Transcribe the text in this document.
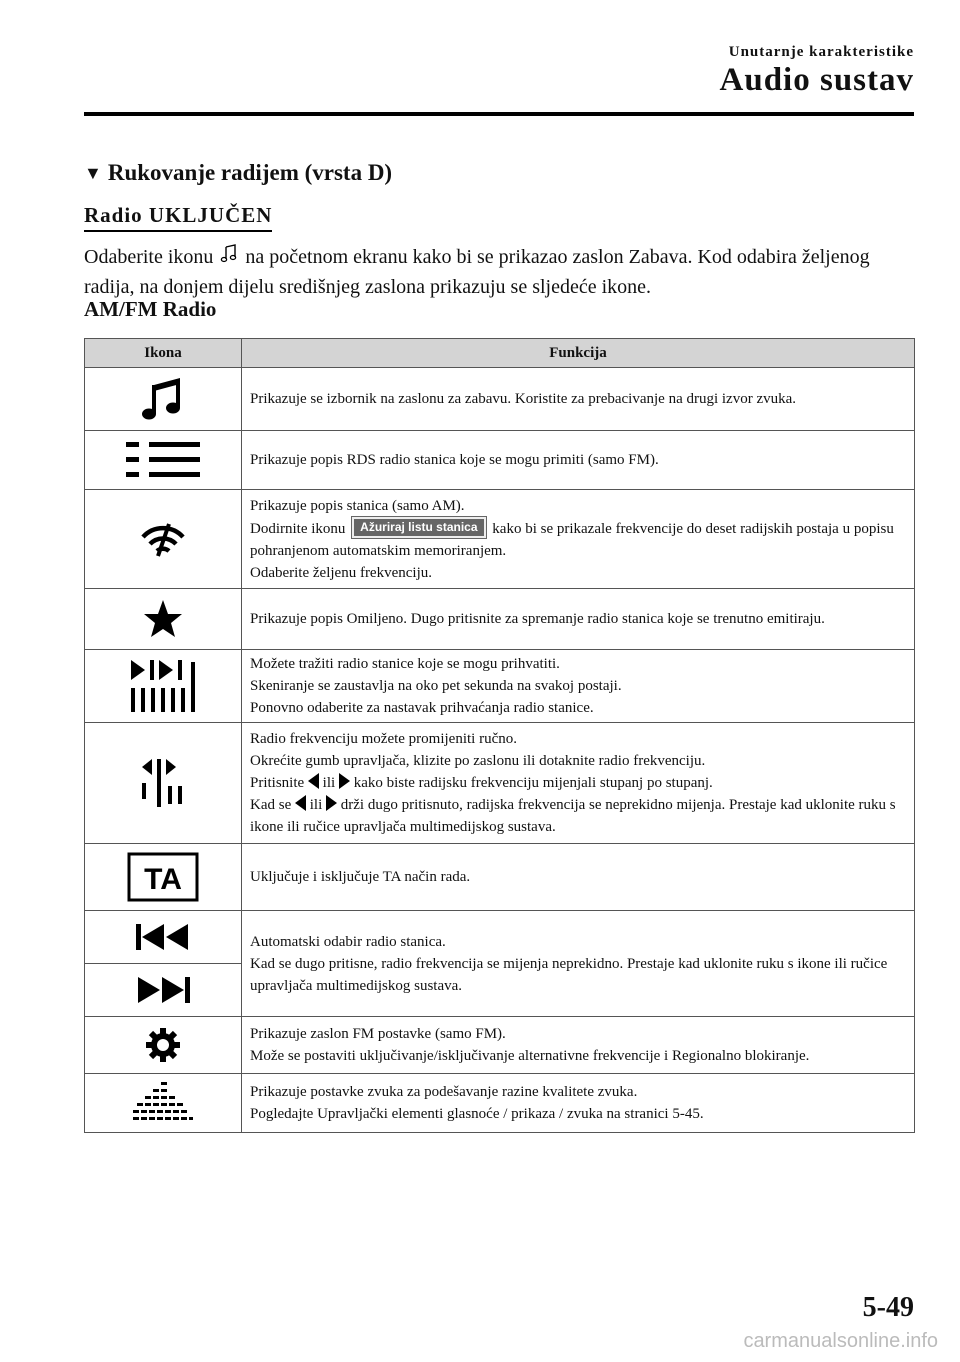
Unutarnje karakteristike
Audio sustav
▼ Rukovanje radijem (vrsta D)
Radio UKLJUČEN
Odaberite ikonu na početnom ekranu kako bi se prikazao zaslon Zabava. Kod odabira željenog radija, na donjem dijelu središnjeg zaslona prikazuju se sljedeće ikone.
AM/FM Radio
Ikona	Funkcija

	Prikazuje se izbornik na zaslonu za zabavu. Koristite za prebacivanje na drugi izvor zvuka.

	Prikazuje popis RDS radio stanica koje se mogu primiti (samo FM).

Prikazuje popis stanica (samo AM).
Dodirnite ikonu Ažuriraj listu stanica kako bi se prikazale frekvencije do deset radijskih postaja u popisu pohranjenom automatskim memoriranjem.
Odaberite željenu frekvenciju.

	Prikazuje popis Omiljeno. Dugo pritisnite za spremanje radio stanica koje se trenutno emitiraju.

Možete tražiti radio stanice koje se mogu prihvatiti.
Skeniranje se zaustavlja na oko pet sekunda na svakoj postaji.
Ponovno odaberite za nastavak prihvaćanja radio stanice.

Radio frekvenciju možete promijeniti ručno.
Okrećite gumb upravljača, klizite po zaslonu ili dotaknite radio frekvenciju.
Pritisnite ili kako biste radijsku frekvenciju mijenjali stupanj po stupanj.
Kad se ili drži dugo pritisnuto, radijska frekvencija se neprekidno mijenja. Prestaje kad uklonite ruku s ikone ili ručice upravljača multimedijskog sustava.

TA	Uključuje i isključuje TA način rada.

Automatski odabir radio stanica.
Kad se dugo pritisne, radio frekvencija se mijenja neprekidno. Prestaje kad uklonite ruku s ikone ili ručice upravljača multimedijskog sustava.

Prikazuje zaslon FM postavke (samo FM).
Može se postaviti uključivanje/isključivanje alternativne frekvencije i Regionalno blokiranje.

Prikazuje postavke zvuka za podešavanje razine kvalitete zvuka.
Pogledajte Upravljački elementi glasnoće / prikaza / zvuka na stranici 5-45.
5-49
carmanualsonline.info
